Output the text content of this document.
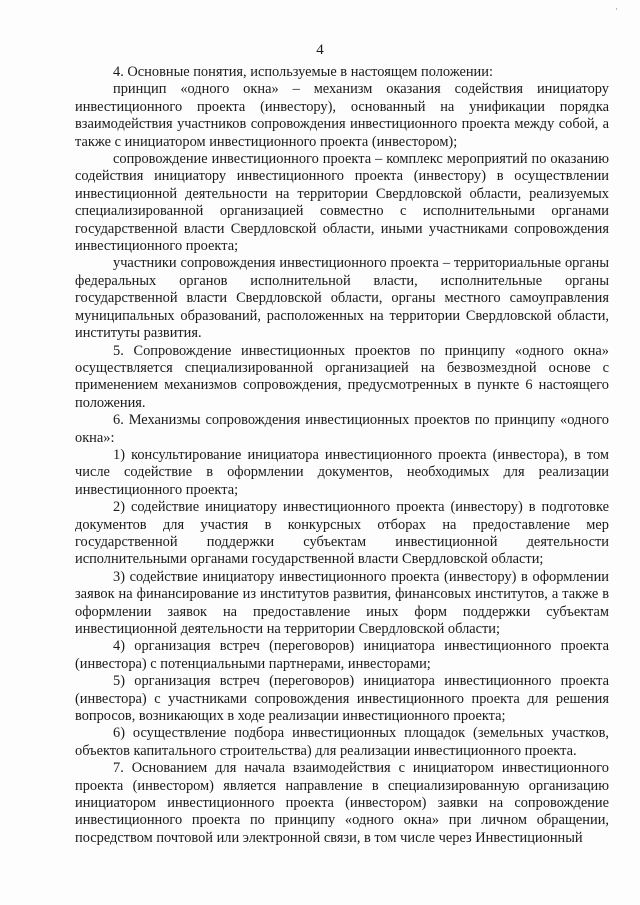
·
4

4. Основные понятия, используемые в настоящем положении:

принцип «одного окна» – механизм оказания содействия инициатору инвестиционного проекта (инвестору), основанный на унификации порядка взаимодействия участников сопровождения инвестиционного проекта между собой, а также с инициатором инвестиционного проекта (инвестором);

сопровождение инвестиционного проекта – комплекс мероприятий по оказанию содействия инициатору инвестиционного проекта (инвестору) в осуществлении инвестиционной деятельности на территории Свердловской области, реализуемых специализированной организацией совместно с исполнительными органами государственной власти Свердловской области, иными участниками сопровождения инвестиционного проекта;

участники сопровождения инвестиционного проекта – территориальные органы федеральных органов исполнительной власти, исполнительные органы государственной власти Свердловской области, органы местного самоуправления муниципальных образований, расположенных на территории Свердловской области, институты развития.

5. Сопровождение инвестиционных проектов по принципу «одного окна» осуществляется специализированной организацией на безвозмездной основе с применением механизмов сопровождения, предусмотренных в пункте 6 настоящего положения.

6. Механизмы сопровождения инвестиционных проектов по принципу «одного окна»:

1) консультирование инициатора инвестиционного проекта (инвестора), в том числе содействие в оформлении документов, необходимых для реализации инвестиционного проекта;

2) содействие инициатору инвестиционного проекта (инвестору) в подготовке документов для участия в конкурсных отборах на предоставление мер государственной поддержки субъектам инвестиционной деятельности исполнительными органами государственной власти Свердловской области;

3) содействие инициатору инвестиционного проекта (инвестору) в оформлении заявок на финансирование из институтов развития, финансовых институтов, а также в оформлении заявок на предоставление иных форм поддержки субъектам инвестиционной деятельности на территории Свердловской области;

4) организация встреч (переговоров) инициатора инвестиционного проекта (инвестора) с потенциальными партнерами, инвесторами;

5) организация встреч (переговоров) инициатора инвестиционного проекта (инвестора) с участниками сопровождения инвестиционного проекта для решения вопросов, возникающих в ходе реализации инвестиционного проекта;

6) осуществление подбора инвестиционных площадок (земельных участков, объектов капитального строительства) для реализации инвестиционного проекта.

7. Основанием для начала взаимодействия с инициатором инвестиционного проекта (инвестором) является направление в специализированную организацию инициатором инвестиционного проекта (инвестором) заявки на сопровождение инвестиционного проекта по принципу «одного окна» при личном обращении, посредством почтовой или электронной связи, в том числе через Инвестиционный
